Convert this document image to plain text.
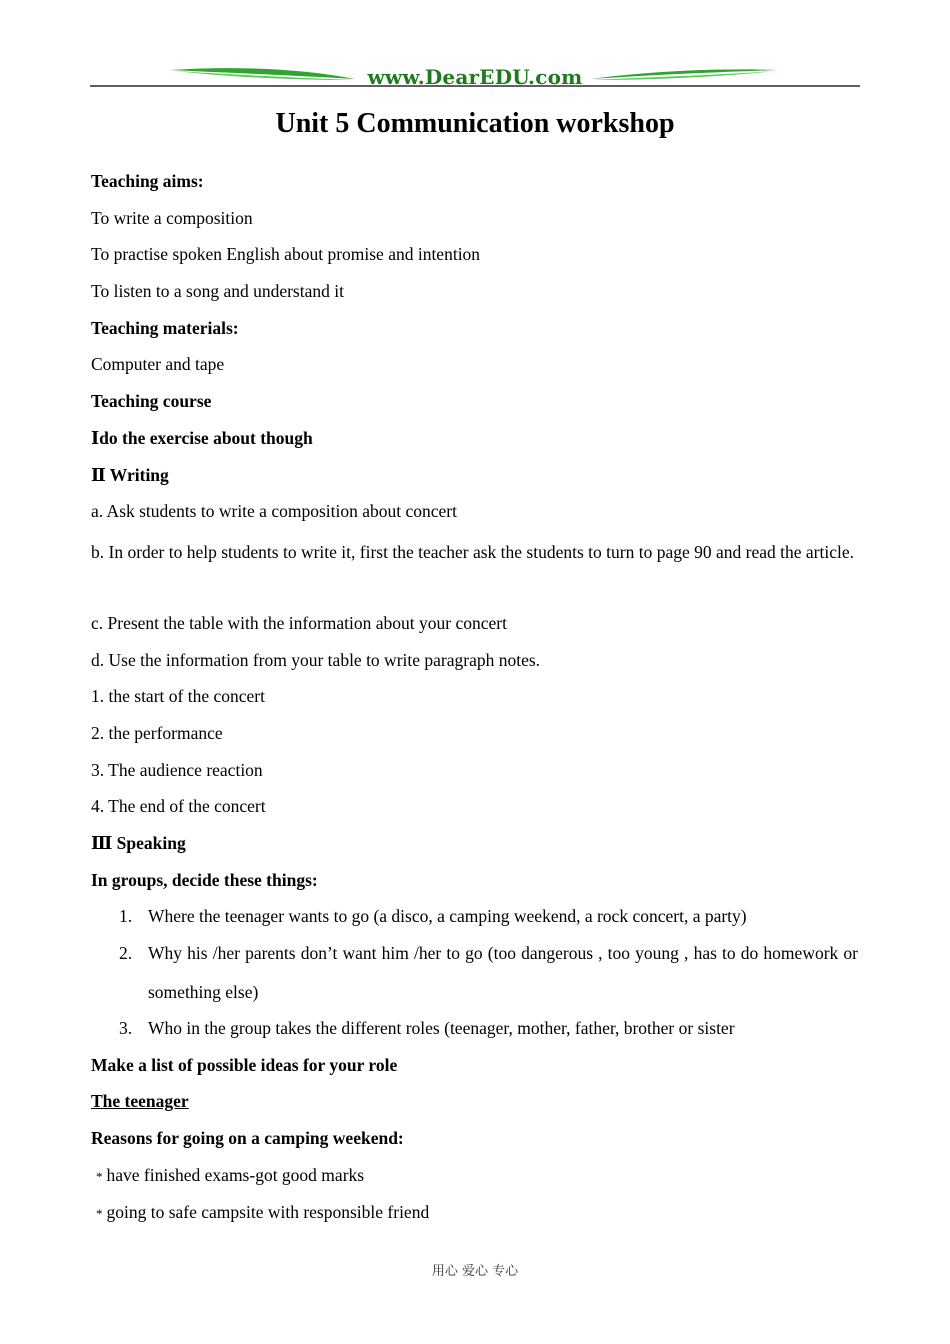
www.DearEDU.com
Unit 5 Communication workshop
Teaching aims:
To write a composition
To practise spoken English about promise and intention
To listen to a song and understand it
Teaching materials:
Computer and tape
Teaching course
Ⅰdo the exercise about though
Ⅱ Writing
a. Ask students to write a composition about concert
b. In order to help students to write it, first the teacher ask the students to turn to page 90 and read the article.
c. Present the table with the information about your concert
d. Use the information from your table to write paragraph notes.
1. the start of the concert
2. the performance
3. The audience reaction
4. The end of the concert
Ⅲ Speaking
In groups, decide these things:
1. Where the teenager wants to go (a disco, a camping weekend, a rock concert, a party)
2. Why his /her parents don’t want him /her to go (too dangerous , too young , has to do homework or something else)
3. Who in the group takes the different roles (teenager, mother, father, brother or sister
Make a list of possible ideas for your role
The teenager
Reasons for going on a camping weekend:
* have finished exams-got good marks
* going to safe campsite with responsible friend
用心 爱心 专心
